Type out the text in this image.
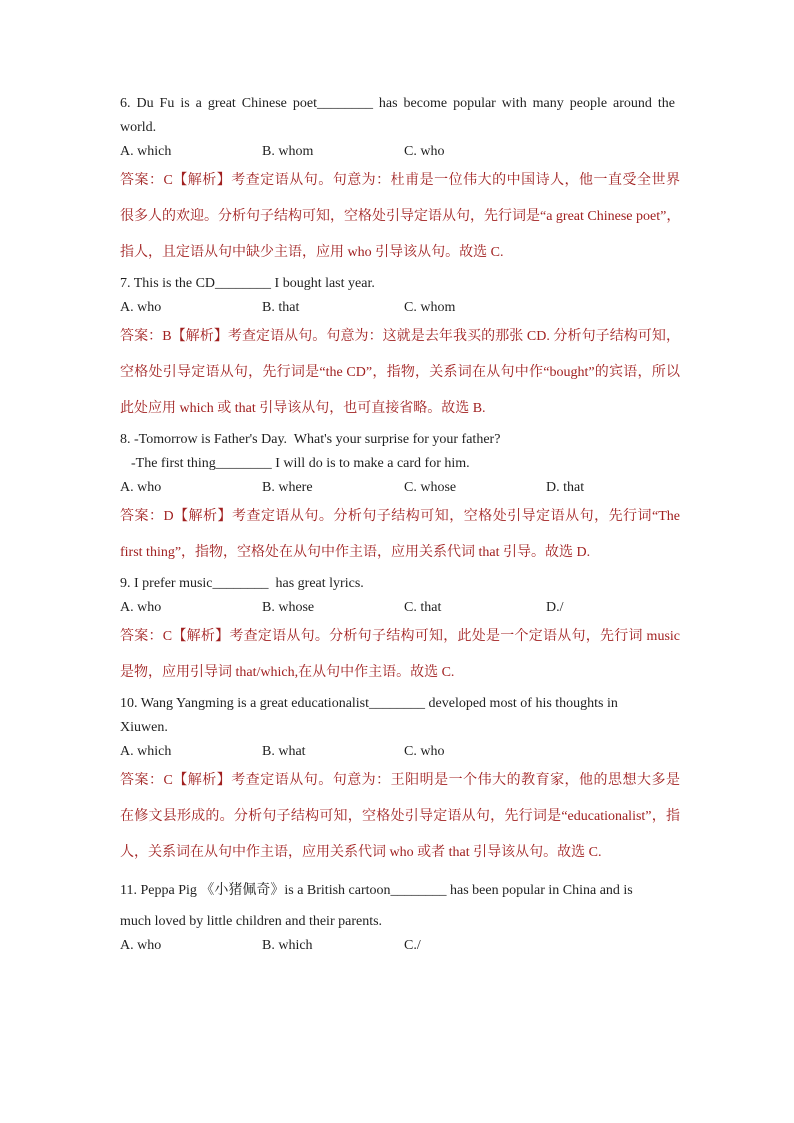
6. Du Fu is a great Chinese poet________ has become popular with many people around the
world.
A. which	B. whom	C. who
答案：C【解析】考查定语从句。句意为：杜甫是一位伟大的中国诗人，他一直受全世界
很多人的欢迎。分析句子结构可知，空格处引导定语从句，先行词是“a great Chinese poet”，
指人，且定语从句中缺少主语，应用 who 引导该从句。故选 C.
7. This is the CD________ I bought last year.
A. who	B. that	C. whom
答案：B【解析】考查定语从句。句意为：这就是去年我买的那张 CD. 分析句子结构可知，
空格处引导定语从句，先行词是“the CD”，指物，关系词在从句中作“bought”的宾语，所以
此处应用 which 或 that 引导该从句，也可直接省略。故选 B.
8. -Tomorrow is Father's Day.  What's your surprise for your father?
-The first thing________ I will do is to make a card for him.
A. who	B. where	C. whose	D. that
答案：D【解析】考查定语从句。分析句子结构可知，空格处引导定语从句，先行词“The
first thing”，指物，空格处在从句中作主语，应用关系代词 that 引导。故选 D.
9. I prefer music________  has great lyrics.
A. who	B. whose	C. that	D./
答案：C【解析】考查定语从句。分析句子结构可知，此处是一个定语从句，先行词 music
是物，应用引导词 that/which,在从句中作主语。故选 C.
10. Wang Yangming is a great educationalist________ developed most of his thoughts in
Xiuwen.
A. which	B. what	C. who
答案：C【解析】考查定语从句。句意为：王阳明是一个伟大的教育家，他的思想大多是
在修文县形成的。分析句子结构可知，空格处引导定语从句，先行词是“educationalist”，指
人，关系词在从句中作主语，应用关系代词 who 或者 that 引导该从句。故选 C.
11. Peppa Pig 《小猪佩奇》is a British cartoon________ has been popular in China and is
much loved by little children and their parents.
A. who	B. which	C./
